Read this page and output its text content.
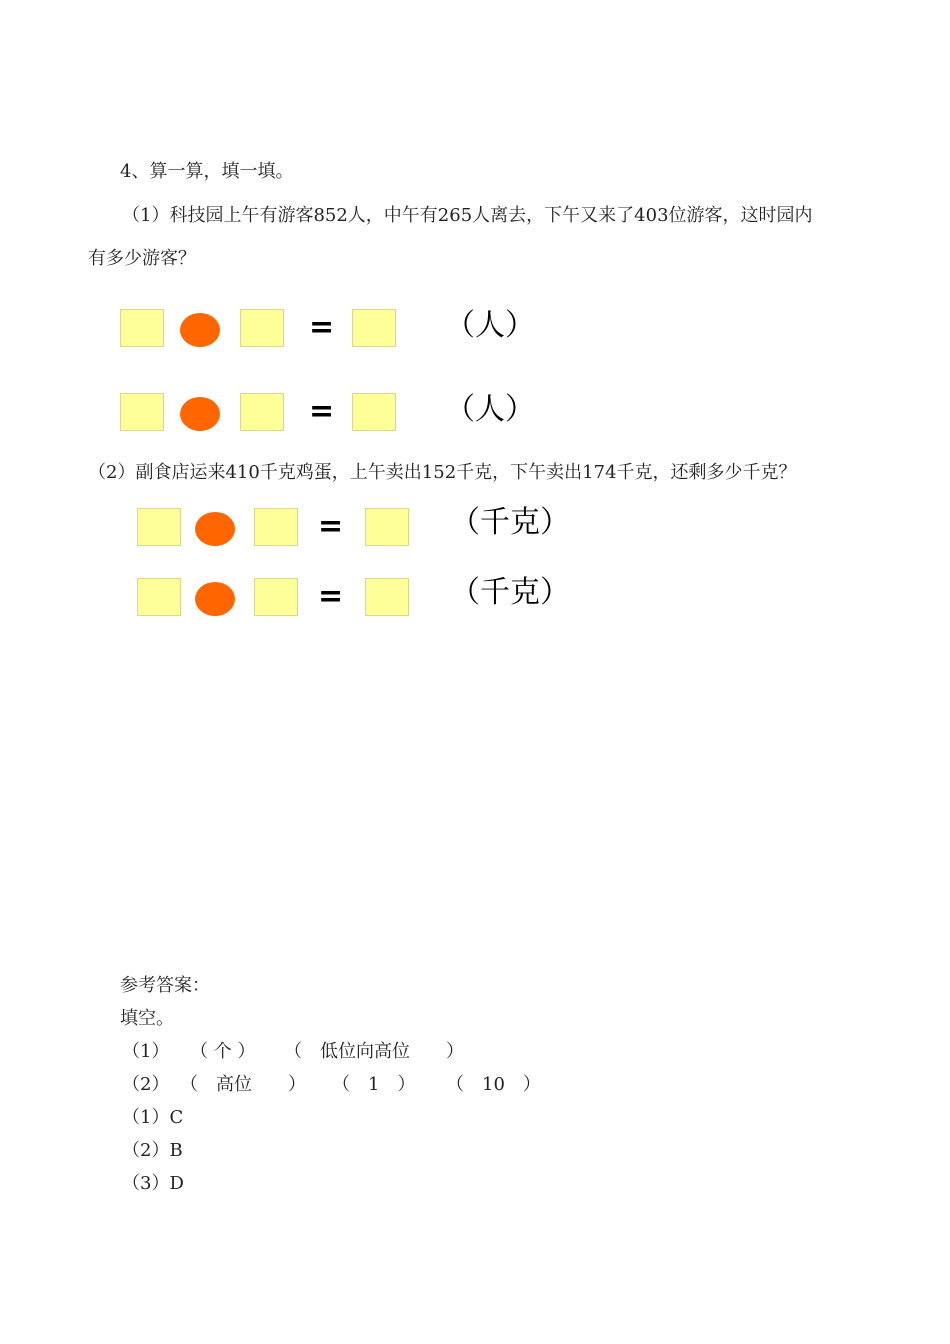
4、算一算，填一填。
（1）科技园上午有游客852人，中午有265人离去，下午又来了403位游客，这时园内
有多少游客？
=	（人）
=	（人）
（2）副食店运来410千克鸡蛋，上午卖出152千克，下午卖出174千克，还剩多少千克？
=	（千克）
=	（千克）
参考答案：
填空。
（1） （ 个 ） （　低位向高位　　）
（2） （　高位　　） （　1　） （　10　）
（1）C
（2）B
（3）D
